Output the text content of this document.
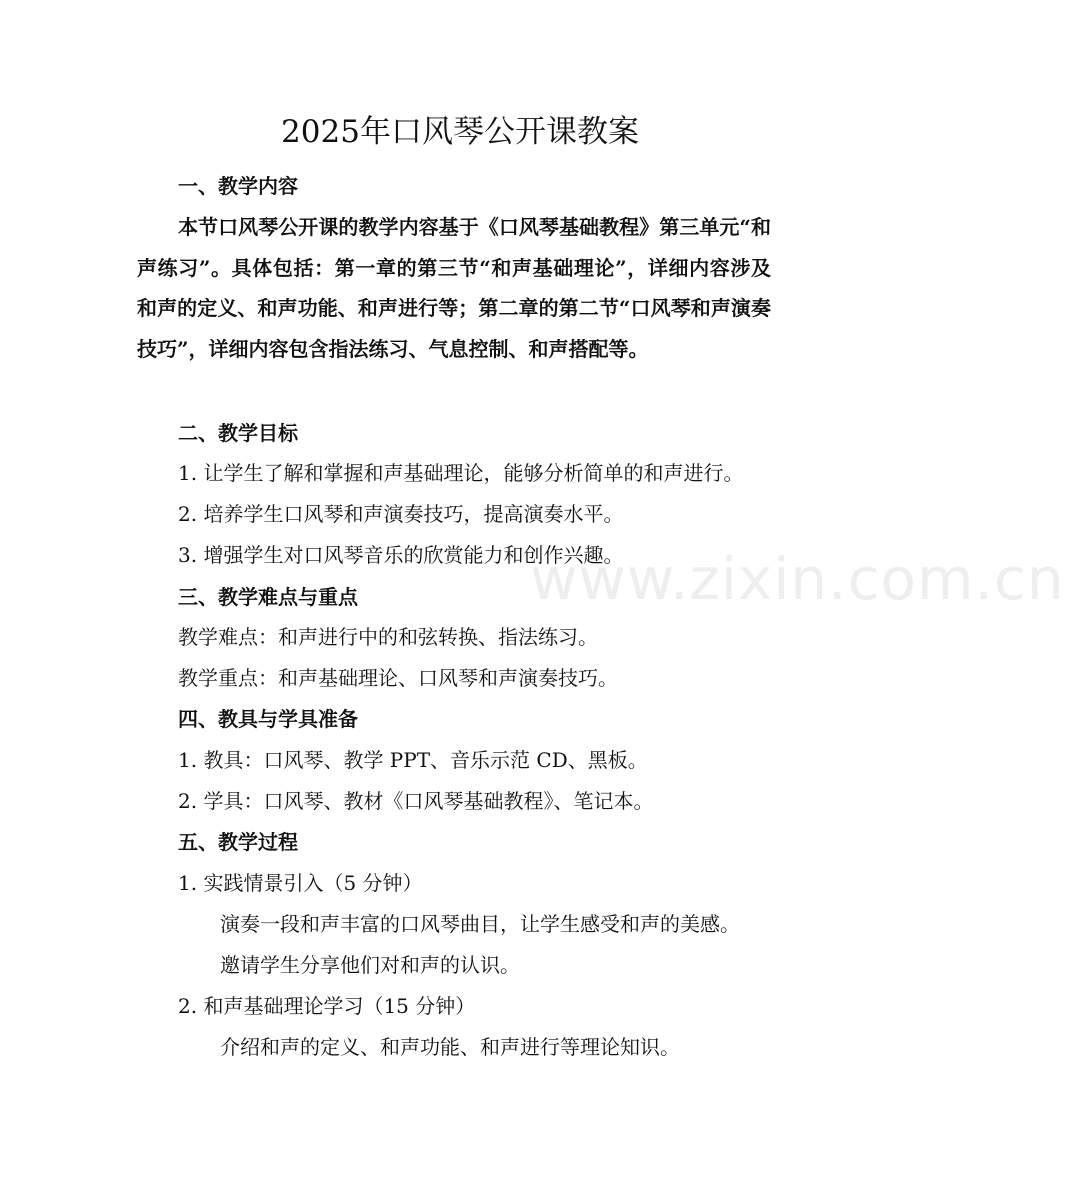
2025年口风琴公开课教案
一、教学内容
本节口风琴公开课的教学内容基于《口风琴基础教程》第三单元“和声练习”。具体包括：第一章的第三节“和声基础理论”，详细内容涉及和声的定义、和声功能、和声进行等；第二章的第二节“口风琴和声演奏技巧”，详细内容包含指法练习、气息控制、和声搭配等。
二、教学目标
1. 让学生了解和掌握和声基础理论，能够分析简单的和声进行。
2. 培养学生口风琴和声演奏技巧，提高演奏水平。
3. 增强学生对口风琴音乐的欣赏能力和创作兴趣。
三、教学难点与重点
教学难点：和声进行中的和弦转换、指法练习。
教学重点：和声基础理论、口风琴和声演奏技巧。
四、教具与学具准备
1. 教具：口风琴、教学 PPT、音乐示范 CD、黑板。
2. 学具：口风琴、教材《口风琴基础教程》、笔记本。
五、教学过程
1. 实践情景引入（5 分钟）
演奏一段和声丰富的口风琴曲目，让学生感受和声的美感。
邀请学生分享他们对和声的认识。
2. 和声基础理论学习（15 分钟）
介绍和声的定义、和声功能、和声进行等理论知识。
www.zixin.com.cn
